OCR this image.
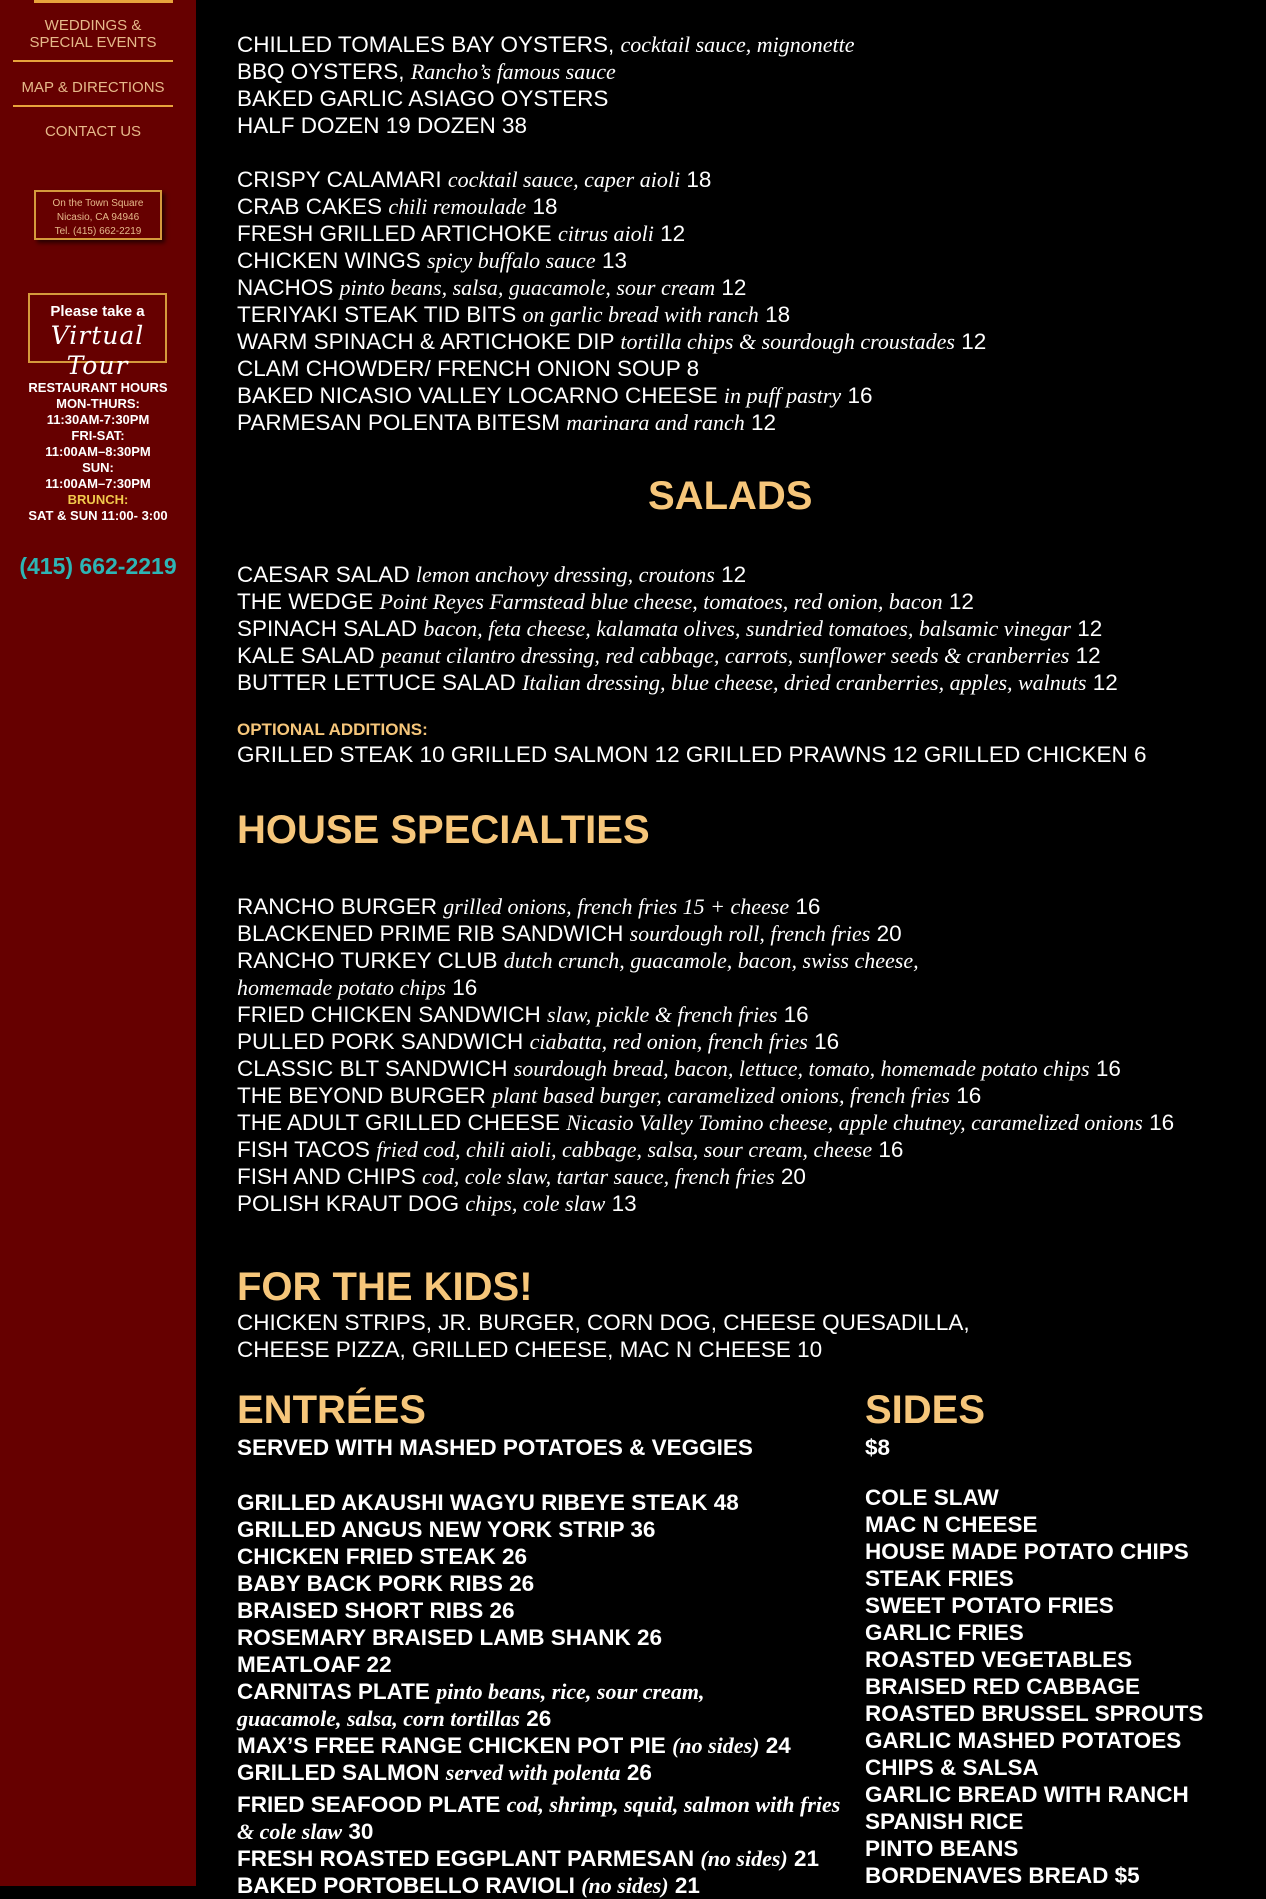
WEDDINGS &
SPECIAL EVENTS
MAP & DIRECTIONS
CONTACT US
On the Town Square
Nicasio, CA 94946
Tel. (415) 662-2219
Please take a
Virtual Tour
RESTAURANT HOURS
MON-THURS:
11:30AM-7:30PM
FRI-SAT:
11:00AM–8:30PM
SUN:
11:00AM–7:30PM
BRUNCH:
SAT & SUN 11:00- 3:00
(415) 662-2219
CHILLED TOMALES BAY OYSTERS, cocktail sauce, mignonette
BBQ OYSTERS, Rancho’s famous sauce
BAKED GARLIC ASIAGO OYSTERS
HALF DOZEN 19 DOZEN 38
CRISPY CALAMARI cocktail sauce, caper aioli 18
CRAB CAKES chili remoulade 18
FRESH GRILLED ARTICHOKE citrus aioli 12
CHICKEN WINGS spicy buffalo sauce 13
NACHOS pinto beans, salsa, guacamole, sour cream 12
TERIYAKI STEAK TID BITS on garlic bread with ranch 18
WARM SPINACH & ARTICHOKE DIP tortilla chips & sourdough croustades 12
CLAM CHOWDER/ FRENCH ONION SOUP 8
BAKED NICASIO VALLEY LOCARNO CHEESE in puff pastry 16
PARMESAN POLENTA BITESM marinara and ranch 12
SALADS
CAESAR SALAD lemon anchovy dressing, croutons 12
THE WEDGE Point Reyes Farmstead blue cheese, tomatoes, red onion, bacon 12
SPINACH SALAD bacon, feta cheese, kalamata olives, sundried tomatoes, balsamic vinegar 12
KALE SALAD peanut cilantro dressing, red cabbage, carrots, sunflower seeds & cranberries 12
BUTTER LETTUCE SALAD Italian dressing, blue cheese, dried cranberries, apples, walnuts 12
OPTIONAL ADDITIONS:
GRILLED STEAK 10 GRILLED SALMON 12 GRILLED PRAWNS 12 GRILLED CHICKEN 6
HOUSE SPECIALTIES
RANCHO BURGER grilled onions, french fries 15 + cheese 16
BLACKENED PRIME RIB SANDWICH sourdough roll, french fries 20
RANCHO TURKEY CLUB dutch crunch, guacamole, bacon, swiss cheese,
homemade potato chips 16
FRIED CHICKEN SANDWICH slaw, pickle & french fries 16
PULLED PORK SANDWICH ciabatta, red onion, french fries 16
CLASSIC BLT SANDWICH sourdough bread, bacon, lettuce, tomato, homemade potato chips 16
THE BEYOND BURGER plant based burger, caramelized onions, french fries 16
THE ADULT GRILLED CHEESE Nicasio Valley Tomino cheese, apple chutney, caramelized onions 16
FISH TACOS fried cod, chili aioli, cabbage, salsa, sour cream, cheese 16
FISH AND CHIPS cod, cole slaw, tartar sauce, french fries 20
POLISH KRAUT DOG chips, cole slaw 13
FOR THE KIDS!
CHICKEN STRIPS, JR. BURGER, CORN DOG, CHEESE QUESADILLA,
CHEESE PIZZA, GRILLED CHEESE, MAC N CHEESE 10
ENTRÉES
SERVED WITH MASHED POTATOES & VEGGIES
GRILLED AKAUSHI WAGYU RIBEYE STEAK 48
GRILLED ANGUS NEW YORK STRIP 36
CHICKEN FRIED STEAK 26
BABY BACK PORK RIBS 26
BRAISED SHORT RIBS 26
ROSEMARY BRAISED LAMB SHANK 26
MEATLOAF 22
CARNITAS PLATE pinto beans, rice, sour cream,
guacamole, salsa, corn tortillas 26
MAX’S FREE RANGE CHICKEN POT PIE (no sides) 24
GRILLED SALMON served with polenta 26
FRIED SEAFOOD PLATE cod, shrimp, squid, salmon with fries
& cole slaw 30
FRESH ROASTED EGGPLANT PARMESAN (no sides) 21
BAKED PORTOBELLO RAVIOLI (no sides) 21
SIDES
$8
COLE SLAW
MAC N CHEESE
HOUSE MADE POTATO CHIPS
STEAK FRIES
SWEET POTATO FRIES
GARLIC FRIES
ROASTED VEGETABLES
BRAISED RED CABBAGE
ROASTED BRUSSEL SPROUTS
GARLIC MASHED POTATOES
CHIPS & SALSA
GARLIC BREAD WITH RANCH
SPANISH RICE
PINTO BEANS
BORDENAVES BREAD $5
